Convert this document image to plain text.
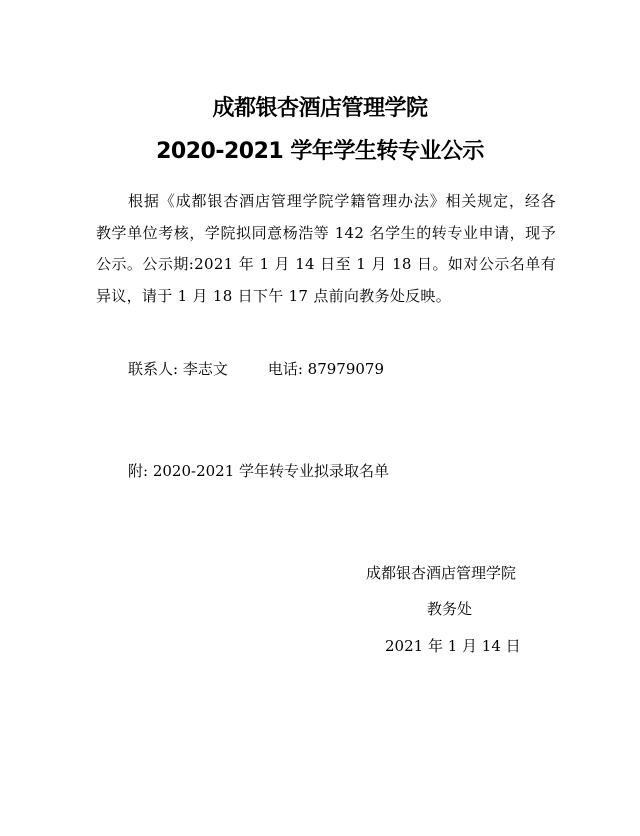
成都银杏酒店管理学院
2020-2021 学年学生转专业公示

根据《成都银杏酒店管理学院学籍管理办法》相关规定，经各教学单位考核，学院拟同意杨浩等 142 名学生的转专业申请，现予公示。公示期:2021 年 1 月 14 日至 1 月 18 日。如对公示名单有异议，请于 1 月 18 日下午 17 点前向教务处反映。

联系人: 李志文	电话: 87979079
附: 2020-2021 学年转专业拟录取名单
成都银杏酒店管理学院
教务处
2021 年 1 月 14 日
